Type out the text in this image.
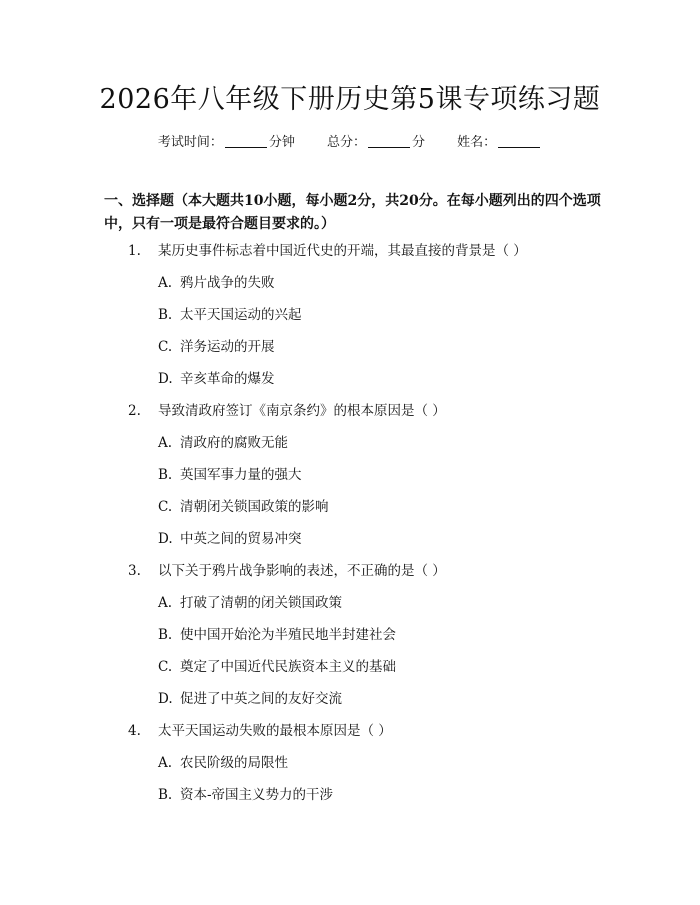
2026年八年级下册历史第5课专项练习题
考试时间：	分钟 总分：	分 姓名：
一、选择题（本大题共10小题，每小题2分，共20分。在每小题列出的四个选项中，只有一项是最符合题目要求的。）
1. 某历史事件标志着中国近代史的开端，其最直接的背景是（ ）
A. 鸦片战争的失败
B. 太平天国运动的兴起
C. 洋务运动的开展
D. 辛亥革命的爆发
2. 导致清政府签订《南京条约》的根本原因是（ ）
A. 清政府的腐败无能
B. 英国军事力量的强大
C. 清朝闭关锁国政策的影响
D. 中英之间的贸易冲突
3. 以下关于鸦片战争影响的表述，不正确的是（ ）
A. 打破了清朝的闭关锁国政策
B. 使中国开始沦为半殖民地半封建社会
C. 奠定了中国近代民族资本主义的基础
D. 促进了中英之间的友好交流
4. 太平天国运动失败的最根本原因是（ ）
A. 农民阶级的局限性
B. 资本-帝国主义势力的干涉
